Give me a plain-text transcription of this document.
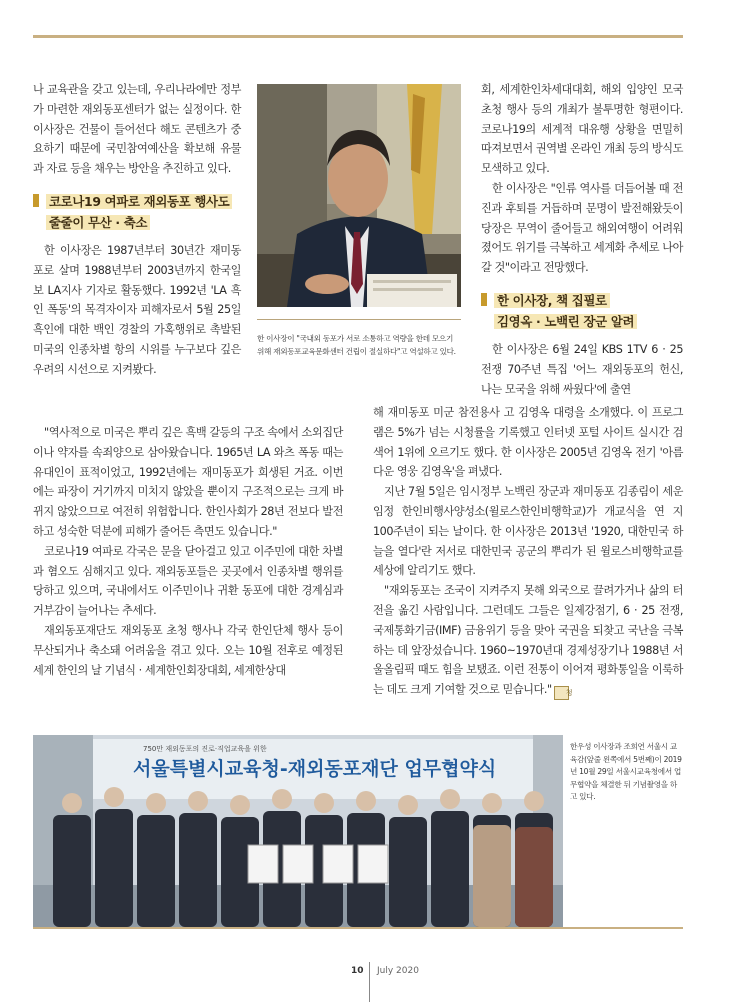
나 교육관을 갖고 있는데, 우리나라에만 정부가 마련한 재외동포센터가 없는 실정이다. 한 이사장은 건물이 들어선다 해도 콘텐츠가 중요하기 때문에 국민참여예산을 확보해 유물과 자료 등을 채우는 방안을 추진하고 있다.

코로나19 여파로 재외동포 행사도
줄줄이 무산 · 축소

한 이사장은 1987년부터 30년간 재미동포로 살며 1988년부터 2003년까지 한국일보 LA지사 기자로 활동했다. 1992년 'LA 흑인 폭동'의 목격자이자 피해자로서 5월 25일 흑인에 대한 백인 경찰의 가혹행위로 촉발된 미국의 인종차별 항의 시위를 누구보다 깊은 우려의 시선으로 지켜봤다.

"역사적으로 미국은 뿌리 깊은 흑백 갈등의 구조 속에서 소외집단이나 약자를 속죄양으로 삼아왔습니다. 1965년 LA 와츠 폭동 때는 유대인이 표적이었고, 1992년에는 재미동포가 희생된 거죠. 이번에는 파장이 거기까지 미치지 않았을 뿐이지 구조적으로는 크게 바뀌지 않았으므로 여전히 위험합니다. 한인사회가 28년 전보다 발전하고 성숙한 덕분에 피해가 줄어든 측면도 있습니다."

코로나19 여파로 각국은 문을 닫아걸고 있고 이주민에 대한 차별과 혐오도 심해지고 있다. 재외동포들은 곳곳에서 인종차별 행위를 당하고 있으며, 국내에서도 이주민이나 귀환 동포에 대한 경계심과 거부감이 늘어나는 추세다.

재외동포재단도 재외동포 초청 행사나 각국 한인단체 행사 등이 무산되거나 축소돼 어려움을 겪고 있다. 오는 10월 전후로 예정된 세계 한인의 날 기념식 · 세계한인회장대회, 세계한상대

한 이사장이 "국내외 동포가 서로 소통하고 역량을 한데 모으기 위해 재외동포교육문화센터 건립이 절실하다"고 역설하고 있다.

회, 세계한인차세대대회, 해외 입양인 모국 초청 행사 등의 개최가 불투명한 형편이다. 코로나19의 세계적 대유행 상황을 면밀히 따져보면서 권역별 온라인 개최 등의 방식도 모색하고 있다.

한 이사장은 "인류 역사를 더듬어볼 때 전진과 후퇴를 거듭하며 문명이 발전해왔듯이 당장은 무역이 줄어들고 해외여행이 어려워졌어도 위기를 극복하고 세계화 추세로 나아갈 것"이라고 전망했다.

한 이사장, 책 집필로
김영옥 · 노백린 장군 알려

한 이사장은 6월 24일 KBS 1TV 6 · 25 전쟁 70주년 특집 '어느 재외동포의 헌신, 나는 모국을 위해 싸웠다'에 출연

해 재미동포 미군 참전용사 고 김영옥 대령을 소개했다. 이 프로그램은 5%가 넘는 시청률을 기록했고 인터넷 포털 사이트 실시간 검색어 1위에 오르기도 했다. 한 이사장은 2005년 김영옥 전기 '아름다운 영웅 김영옥'을 펴냈다.

지난 7월 5일은 임시정부 노백린 장군과 재미동포 김종림이 세운 임정 한인비행사양성소(윌로스한인비행학교)가 개교식을 연 지 100주년이 되는 날이다. 한 이사장은 2013년 '1920, 대한민국 하늘을 열다'란 저서로 대한민국 공군의 뿌리가 된 윌로스비행학교를 세상에 알리기도 했다.

"재외동포는 조국이 지켜주지 못해 외국으로 끌려가거나 삶의 터전을 옮긴 사람입니다. 그런데도 그들은 일제강점기, 6 · 25 전쟁, 국제통화기금(IMF) 금융위기 등을 맞아 국권을 되찾고 국난을 극복하는 데 앞장섰습니다. 1960~1970년대 경제성장기나 1988년 서울올림픽 때도 힘을 보탰죠. 이런 전통이 이어져 평화통일을 이룩하는 데도 크게 기여할 것으로 믿습니다." 청

750만 재외동포의 진로·직업교육을 위한
서울특별시교육청-재외동포재단 업무협약식
한우성 이사장과 조희연 서울시 교육감(앞줄 왼쪽에서 5번째)이 2019년 10월 29일 서울시교육청에서 업무협약을 체결한 뒤 기념촬영을 하고 있다.
10 July 2020
